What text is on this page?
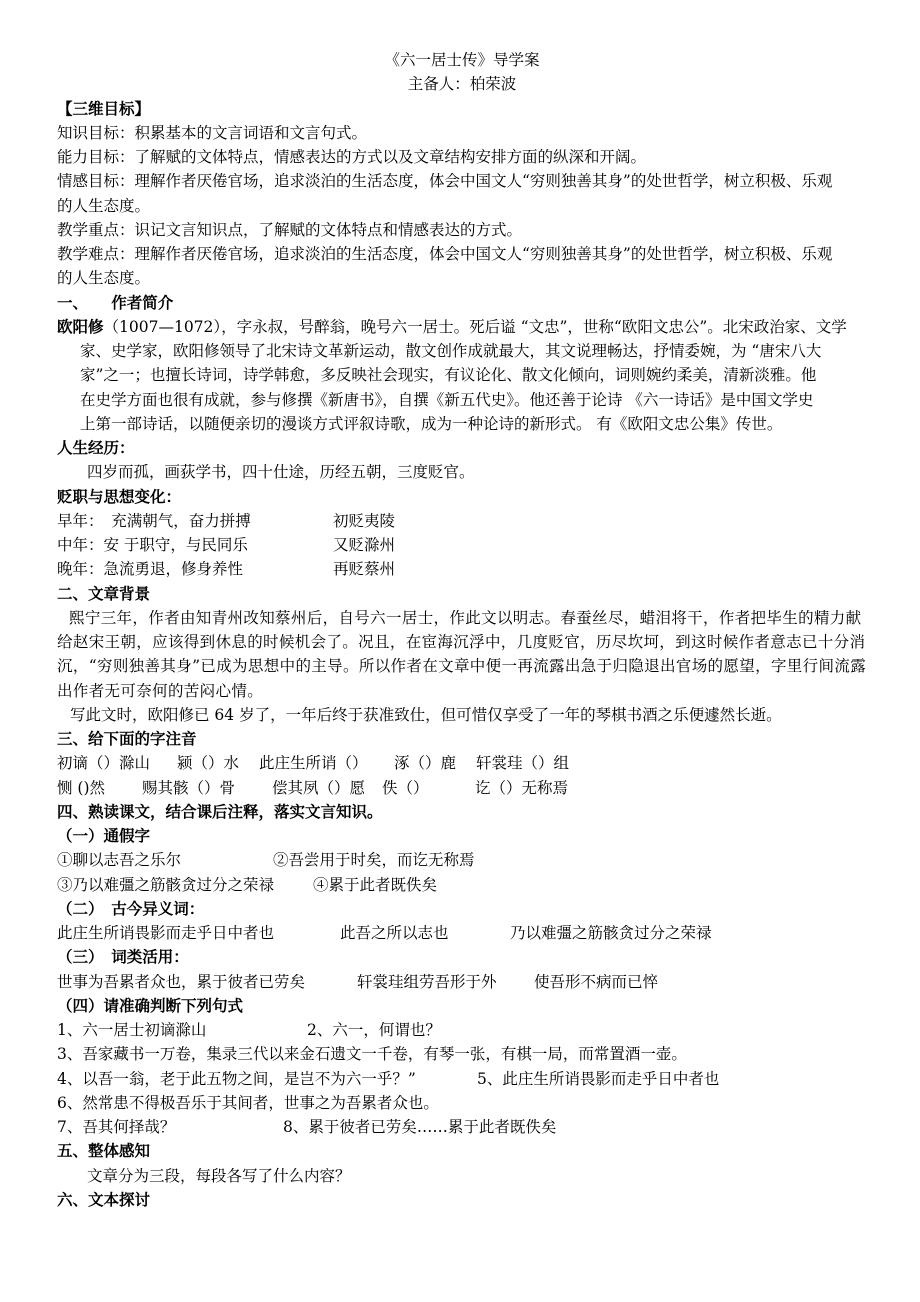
《六一居士传》导学案
主备人：柏荣波
【三维目标】
知识目标：积累基本的文言词语和文言句式。
能力目标：了解赋的文体特点，情感表达的方式以及文章结构安排方面的纵深和开阔。
情感目标：理解作者厌倦官场，追求淡泊的生活态度，体会中国文人“穷则独善其身”的处世哲学，树立积极、乐观
的人生态度。
教学重点：识记文言知识点，了解赋的文体特点和情感表达的方式。
教学难点：理解作者厌倦官场，追求淡泊的生活态度，体会中国文人“穷则独善其身”的处世哲学，树立积极、乐观
的人生态度。
一、　　作者简介
欧阳修（1007—1072），字永叔，号醉翁，晚号六一居士。死后谥 “文忠”，世称“欧阳文忠公”。北宋政治家、文学
家、史学家，欧阳修领导了北宋诗文革新运动，散文创作成就最大，其文说理畅达，抒情委婉，为 “唐宋八大
家”之一；也擅长诗词，诗学韩愈，多反映社会现实，有议论化、散文化倾向，词则婉约柔美，清新淡雅。他
在史学方面也很有成就，参与修撰《新唐书》，自撰《新五代史》。他还善于论诗 《六一诗话》是中国文学史
上第一部诗话，以随便亲切的漫谈方式评叙诗歌，成为一种论诗的新形式。 有《欧阳文忠公集》传世。
人生经历：
四岁而孤，画荻学书，四十仕途，历经五朝，三度贬官。
贬职与思想变化：
早年：　充满朝气，奋力拼搏	初贬夷陵
中年：安 于职守，与民同乐	又贬滁州
晚年：急流勇退，修身养性	再贬蔡州
二、文章背景
熙宁三年，作者由知青州改知蔡州后，自号六一居士，作此文以明志。春蚕丝尽，蜡泪将干，作者把毕生的精力献给赵宋王朝，应该得到休息的时候机会了。况且，在宦海沉浮中，几度贬官，历尽坎坷，到这时候作者意志已十分消沉，“穷则独善其身”已成为思想中的主导。所以作者在文章中便一再流露出急于归隐退出官场的愿望，字里行间流露出作者无可奈何的苦闷心情。
写此文时，欧阳修已 64 岁了，一年后终于获准致仕，但可惜仅享受了一年的琴棋书酒之乐便遽然长逝。
三、给下面的字注音
初谪（）滁山 颍（）水 此庄生所诮（） 涿（）鹿 轩裳珪（）组
恻 ()然 赐其骸（）骨 偿其夙（）愿 佚（）	讫（）无称焉
四、熟读课文，结合课后注释，落实文言知识。
（一）通假字
①聊以志吾之乐尔	②吾尝用于时矣，而讫无称焉
③乃以难彊之筋骸贪过分之荣禄	④累于此者既佚矣
（二）　古今异义词：
此庄生所诮畏影而走乎日中者也	此吾之所以志也	乃以难彊之筋骸贪过分之荣禄
（三）　词类活用：
世事为吾累者众也，累于彼者已劳矣	轩裳珪组劳吾形于外 使吾形不病而已悴
（四）请准确判断下列句式
1、六一居士初谪滁山	2、六一，何谓也？
3、吾家藏书一万卷，集录三代以来金石遗文一千卷，有琴一张，有棋一局，而常置酒一壶。
4、以吾一翁，老于此五物之间，是岂不为六一乎？”	5、此庄生所诮畏影而走乎日中者也
6、然常患不得极吾乐于其间者，世事之为吾累者众也。
7、吾其何择哉？	8、累于彼者已劳矣……累于此者既佚矣
五、整体感知
文章分为三段，每段各写了什么内容？
六、文本探讨
